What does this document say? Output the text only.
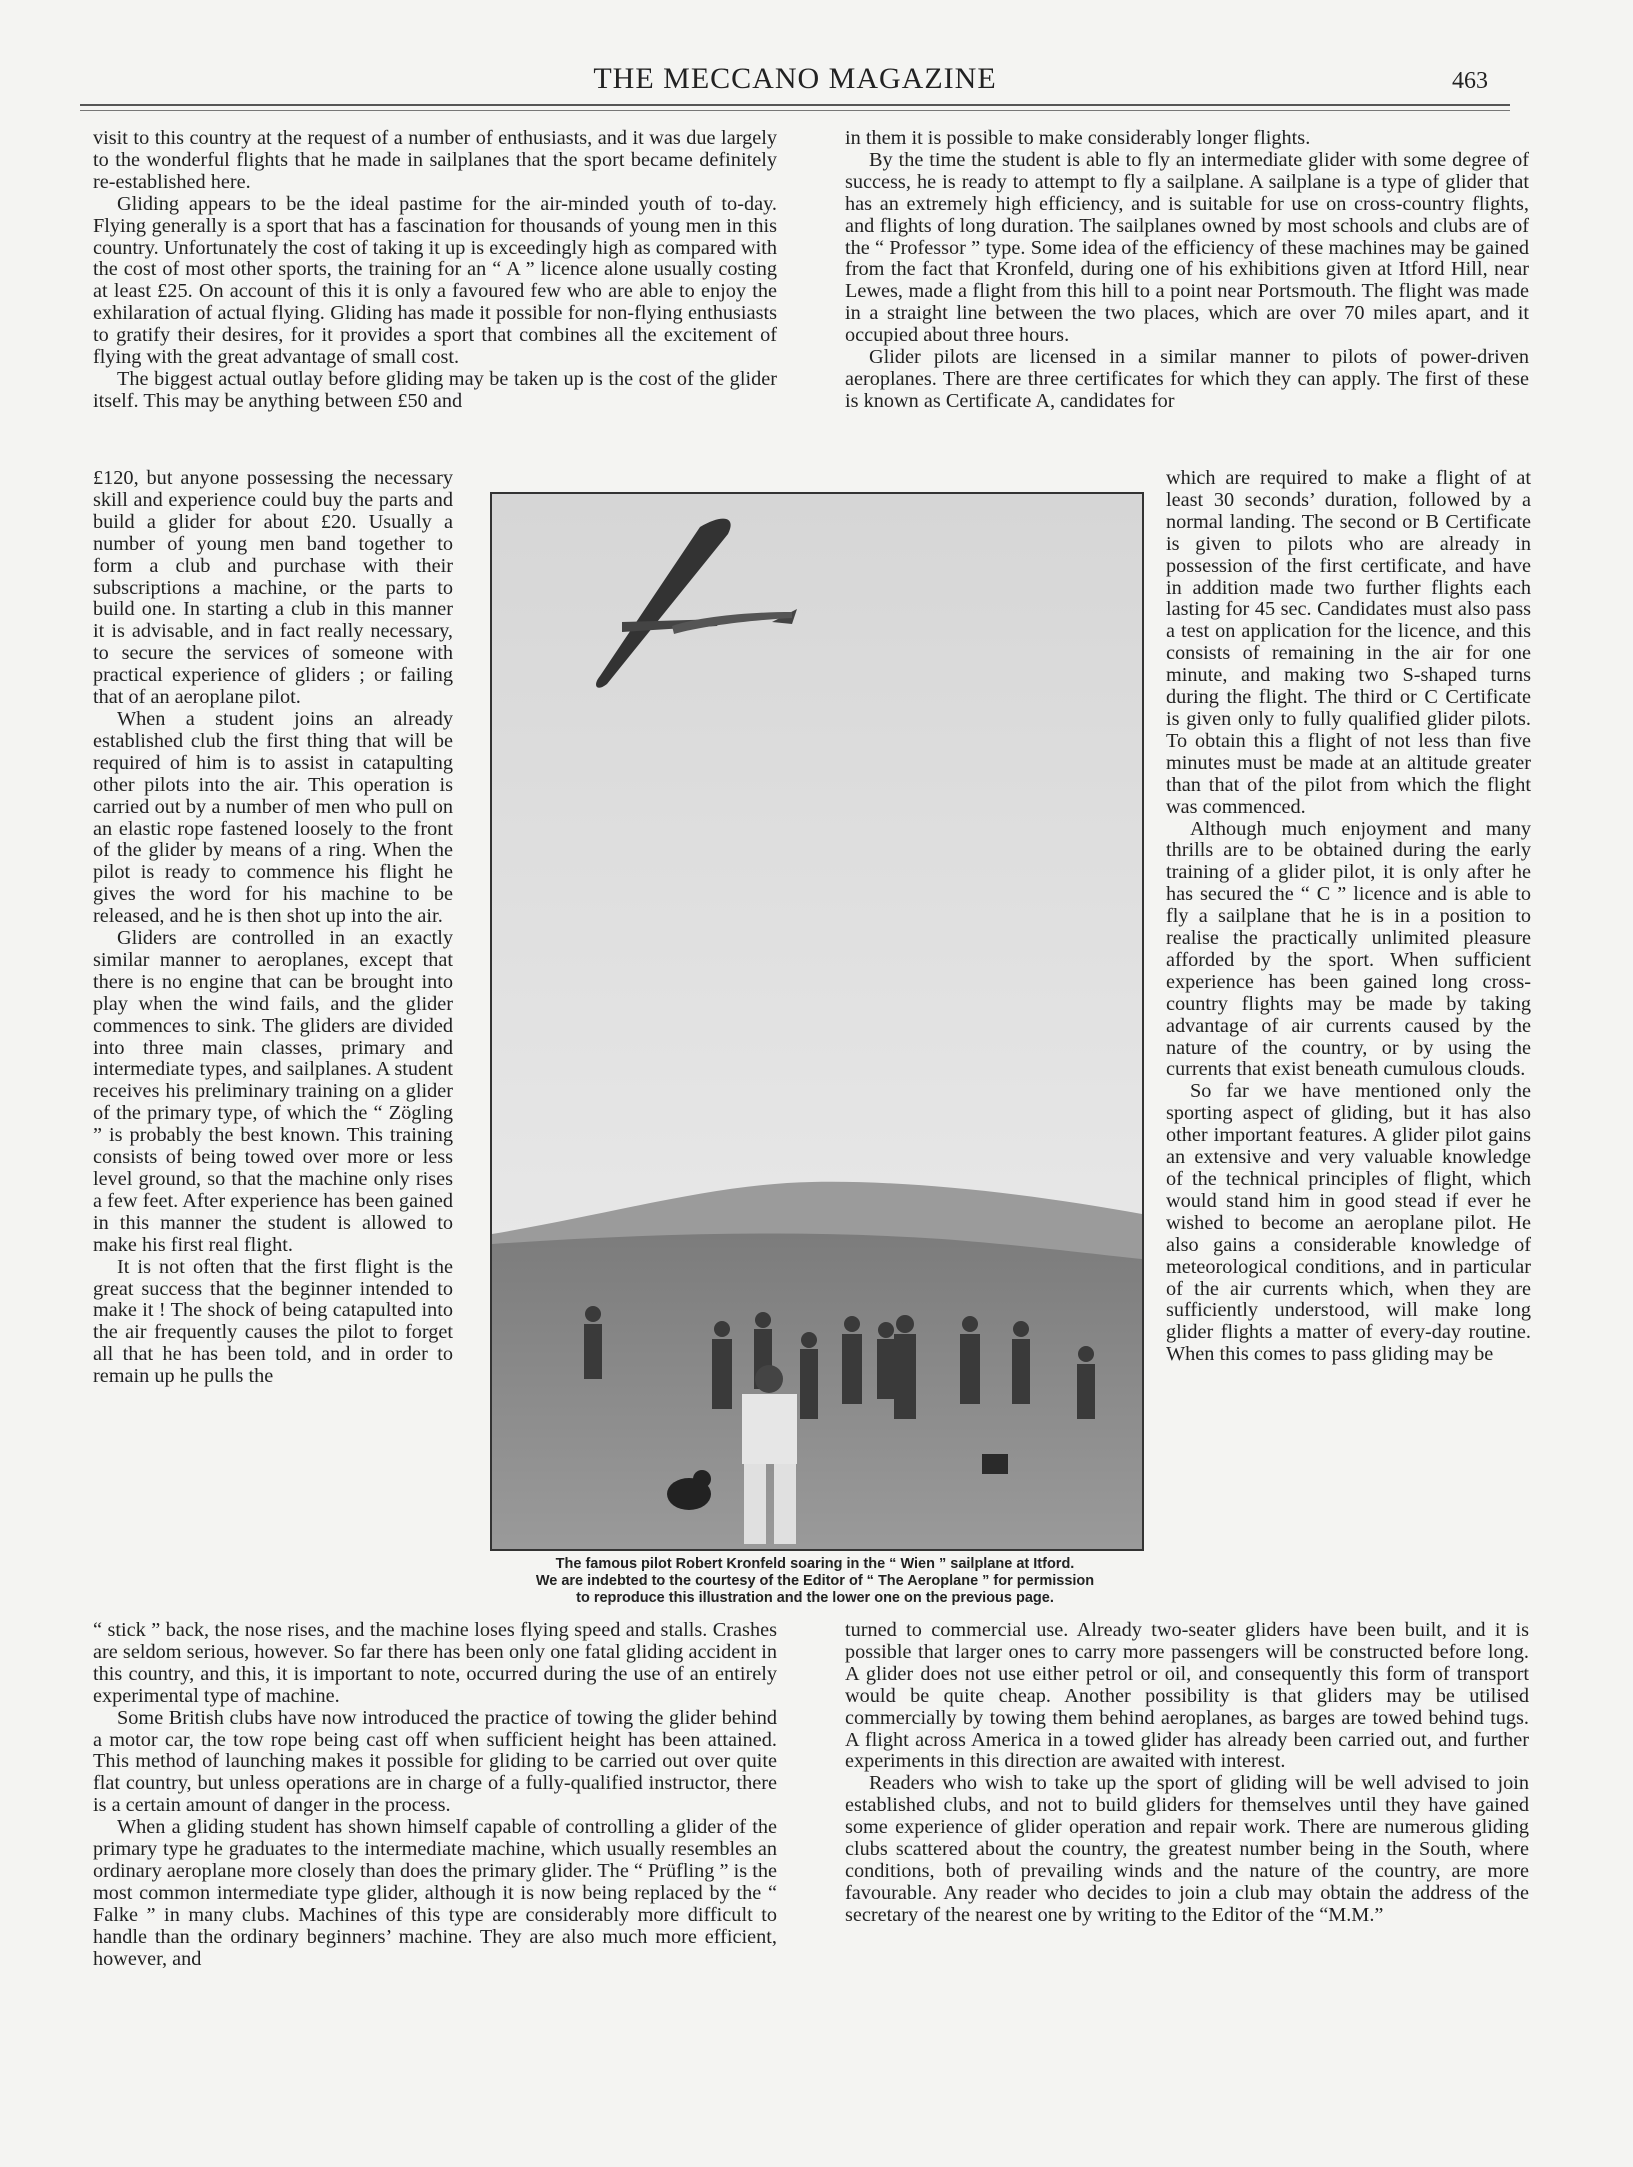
THE MECCANO MAGAZINE	463

visit to this country at the request of a number of enthusiasts, and it was due largely to the wonderful flights that he made in sailplanes that the sport became definitely re-established here.

Gliding appears to be the ideal pastime for the air-minded youth of to-day. Flying generally is a sport that has a fascination for thousands of young men in this country. Unfortunately the cost of taking it up is exceedingly high as compared with the cost of most other sports, the training for an “ A ” licence alone usually costing at least £25. On account of this it is only a favoured few who are able to enjoy the exhilaration of actual flying. Gliding has made it possible for non-flying enthusiasts to gratify their desires, for it provides a sport that combines all the excitement of flying with the great advantage of small cost.

The biggest actual outlay before gliding may be taken up is the cost of the glider itself. This may be anything between £50 and

£120, but anyone possessing the necessary skill and experience could buy the parts and build a glider for about £20. Usually a number of young men band together to form a club and purchase with their subscriptions a machine, or the parts to build one. In starting a club in this manner it is advisable, and in fact really necessary, to secure the services of someone with practical experience of gliders ; or failing that of an aeroplane pilot.

When a student joins an already established club the first thing that will be required of him is to assist in catapulting other pilots into the air. This operation is carried out by a number of men who pull on an elastic rope fastened loosely to the front of the glider by means of a ring. When the pilot is ready to commence his flight he gives the word for his machine to be released, and he is then shot up into the air.

Gliders are controlled in an exactly similar manner to aeroplanes, except that there is no engine that can be brought into play when the wind fails, and the glider commences to sink. The gliders are divided into three main classes, primary and intermediate types, and sailplanes. A student receives his preliminary training on a glider of the primary type, of which the “ Zögling ” is probably the best known. This training consists of being towed over more or less level ground, so that the machine only rises a few feet. After experience has been gained in this manner the student is allowed to make his first real flight.

It is not often that the first flight is the great success that the beginner intended to make it ! The shock of being catapulted into the air frequently causes the pilot to forget all that he has been told, and in order to remain up he pulls the

“ stick ” back, the nose rises, and the machine loses flying speed and stalls. Crashes are seldom serious, however. So far there has been only one fatal gliding accident in this country, and this, it is important to note, occurred during the use of an entirely experimental type of machine.

Some British clubs have now introduced the practice of towing the glider behind a motor car, the tow rope being cast off when sufficient height has been attained. This method of launching makes it possible for gliding to be carried out over quite flat country, but unless operations are in charge of a fully-qualified instructor, there is a certain amount of danger in the process.

When a gliding student has shown himself capable of controlling a glider of the primary type he graduates to the intermediate machine, which usually resembles an ordinary aeroplane more closely than does the primary glider. The “ Prüfling ” is the most common intermediate type glider, although it is now being replaced by the “ Falke ” in many clubs. Machines of this type are considerably more difficult to handle than the ordinary beginners’ machine. They are also much more efficient, however, and

in them it is possible to make considerably longer flights.

By the time the student is able to fly an intermediate glider with some degree of success, he is ready to attempt to fly a sailplane. A sailplane is a type of glider that has an extremely high efficiency, and is suitable for use on cross-country flights, and flights of long duration. The sailplanes owned by most schools and clubs are of the “ Professor ” type. Some idea of the efficiency of these machines may be gained from the fact that Kronfeld, during one of his exhibitions given at Itford Hill, near Lewes, made a flight from this hill to a point near Portsmouth. The flight was made in a straight line between the two places, which are over 70 miles apart, and it occupied about three hours.

Glider pilots are licensed in a similar manner to pilots of power-driven aeroplanes. There are three certificates for which they can apply. The first of these is known as Certificate A, candidates for

which are required to make a flight of at least 30 seconds’ duration, followed by a normal landing. The second or B Certificate is given to pilots who are already in possession of the first certificate, and have in addition made two further flights each lasting for 45 sec. Candidates must also pass a test on application for the licence, and this consists of remaining in the air for one minute, and making two S-shaped turns during the flight. The third or C Certificate is given only to fully qualified glider pilots. To obtain this a flight of not less than five minutes must be made at an altitude greater than that of the pilot from which the flight was commenced.

Although much enjoyment and many thrills are to be obtained during the early training of a glider pilot, it is only after he has secured the “ C ” licence and is able to fly a sailplane that he is in a position to realise the practically unlimited pleasure afforded by the sport. When sufficient experience has been gained long cross-country flights may be made by taking advantage of air currents caused by the nature of the country, or by using the currents that exist beneath cumulous clouds.

So far we have mentioned only the sporting aspect of gliding, but it has also other important features. A glider pilot gains an extensive and very valuable knowledge of the technical principles of flight, which would stand him in good stead if ever he wished to become an aeroplane pilot. He also gains a considerable knowledge of meteorological conditions, and in particular of the air currents which, when they are sufficiently understood, will make long glider flights a matter of every-day routine. When this comes to pass gliding may be

turned to commercial use. Already two-seater gliders have been built, and it is possible that larger ones to carry more passengers will be constructed before long. A glider does not use either petrol or oil, and consequently this form of transport would be quite cheap. Another possibility is that gliders may be utilised commercially by towing them behind aeroplanes, as barges are towed behind tugs. A flight across America in a towed glider has already been carried out, and further experiments in this direction are awaited with interest.

Readers who wish to take up the sport of gliding will be well advised to join established clubs, and not to build gliders for themselves until they have gained some experience of glider operation and repair work. There are numerous gliding clubs scattered about the country, the greatest number being in the South, where conditions, both of prevailing winds and the nature of the country, are more favourable. Any reader who decides to join a club may obtain the address of the secretary of the nearest one by writing to the Editor of the “M.M.”

The famous pilot Robert Kronfeld soaring in the “ Wien ” sailplane at Itford.
We are indebted to the courtesy of the Editor of “ The Aeroplane ” for permission
to reproduce this illustration and the lower one on the previous page.
